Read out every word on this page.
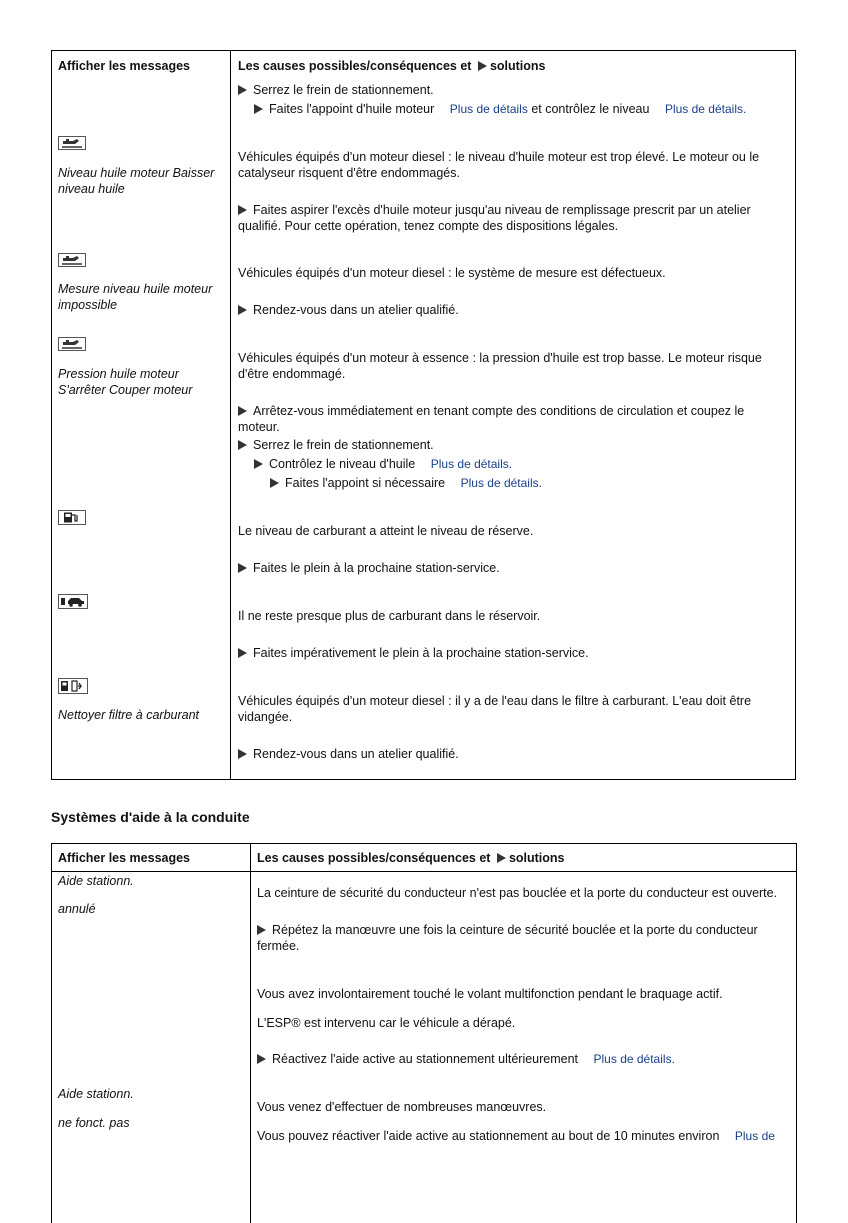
Afficher les messages	Les causes possibles/conséquences et solutions
Serrez le frein de stationnement.
Faites l'appoint d'huile moteur Plus de détails et contrôlez le niveau Plus de détails.
Niveau huile moteur Baisser niveau huile
Véhicules équipés d'un moteur diesel : le niveau d'huile moteur est trop élevé. Le moteur ou le catalyseur risquent d'être endommagés.
Faites aspirer l'excès d'huile moteur jusqu'au niveau de remplissage prescrit par un atelier qualifié. Pour cette opération, tenez compte des dispositions légales.
Mesure niveau huile moteur impossible
Véhicules équipés d'un moteur diesel : le système de mesure est défectueux.
Rendez-vous dans un atelier qualifié.
Pression huile moteur S'arrêter Couper moteur
Véhicules équipés d'un moteur à essence : la pression d'huile est trop basse. Le moteur risque d'être endommagé.
Arrêtez-vous immédiatement en tenant compte des conditions de circulation et coupez le moteur.
Serrez le frein de stationnement.
Contrôlez le niveau d'huile Plus de détails.
Faites l'appoint si nécessaire Plus de détails.
Le niveau de carburant a atteint le niveau de réserve.
Faites le plein à la prochaine station-service.
Il ne reste presque plus de carburant dans le réservoir.
Faites impérativement le plein à la prochaine station-service.
Nettoyer filtre à carburant
Véhicules équipés d'un moteur diesel : il y a de l'eau dans le filtre à carburant. L'eau doit être vidangée.
Rendez-vous dans un atelier qualifié.
Systèmes d'aide à la conduite
Afficher les messages	Les causes possibles/conséquences et solutions
Aide stationn.
annulé
La ceinture de sécurité du conducteur n'est pas bouclée et la porte du conducteur est ouverte.
Répétez la manœuvre une fois la ceinture de sécurité bouclée et la porte du conducteur fermée.
Vous avez involontairement touché le volant multifonction pendant le braquage actif.
L'ESP® est intervenu car le véhicule a dérapé.
Réactivez l'aide active au stationnement ultérieurement Plus de détails.
Aide stationn.
ne fonct. pas
Vous venez d'effectuer de nombreuses manœuvres.
Vous pouvez réactiver l'aide active au stationnement au bout de 10 minutes environ Plus de
